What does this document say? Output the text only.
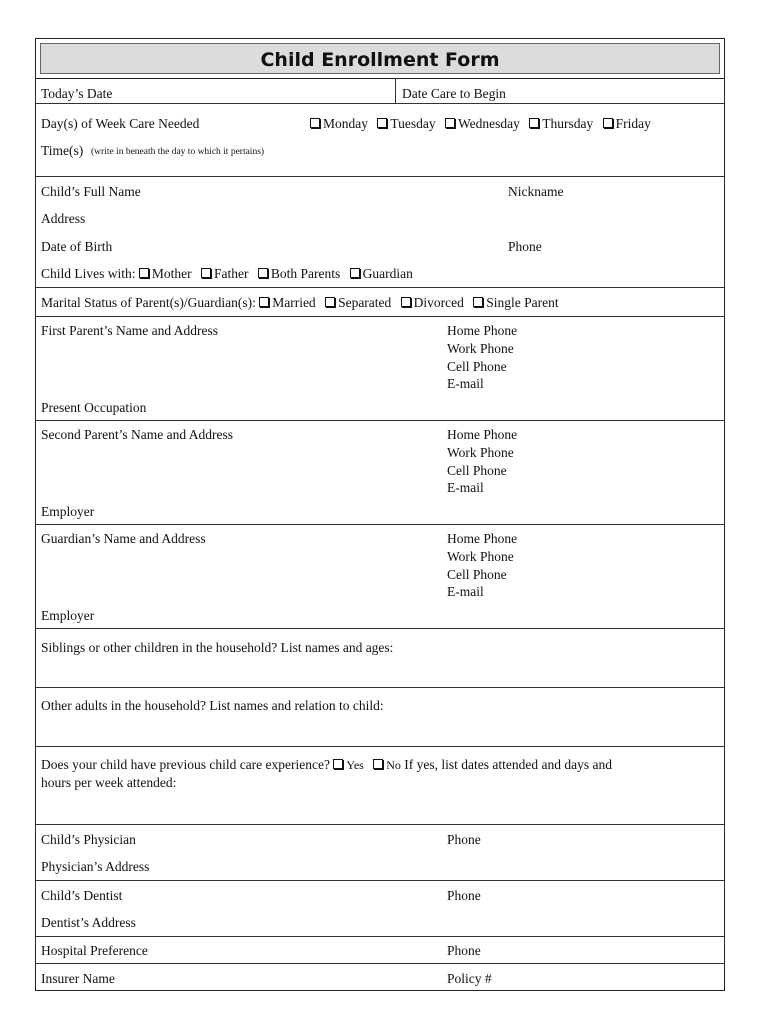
Child Enrollment Form
Today’s Date	Date Care to Begin
Day(s) of Week Care Needed	Monday Tuesday Wednesday Thursday Friday
Time(s) (write in beneath the day to which it pertains)
Child’s Full Name	Nickname
Address
Date of Birth	Phone
Child Lives with: Mother Father Both Parents Guardian
Marital Status of Parent(s)/Guardian(s): Married Separated Divorced Single Parent
First Parent’s Name and Address	Home Phone
Work Phone
Cell Phone
E-mail
Present Occupation
Second Parent’s Name and Address	Home Phone
Work Phone
Cell Phone
E-mail
Employer
Guardian’s Name and Address	Home Phone
Work Phone
Cell Phone
E-mail
Employer
Siblings or other children in the household? List names and ages:
Other adults in the household? List names and relation to child:
Does your child have previous child care experience? Yes No If yes, list dates attended and days and
hours per week attended:
Child’s Physician	Phone
Physician’s Address
Child’s Dentist	Phone
Dentist’s Address
Hospital Preference	Phone
Insurer Name	Policy #
